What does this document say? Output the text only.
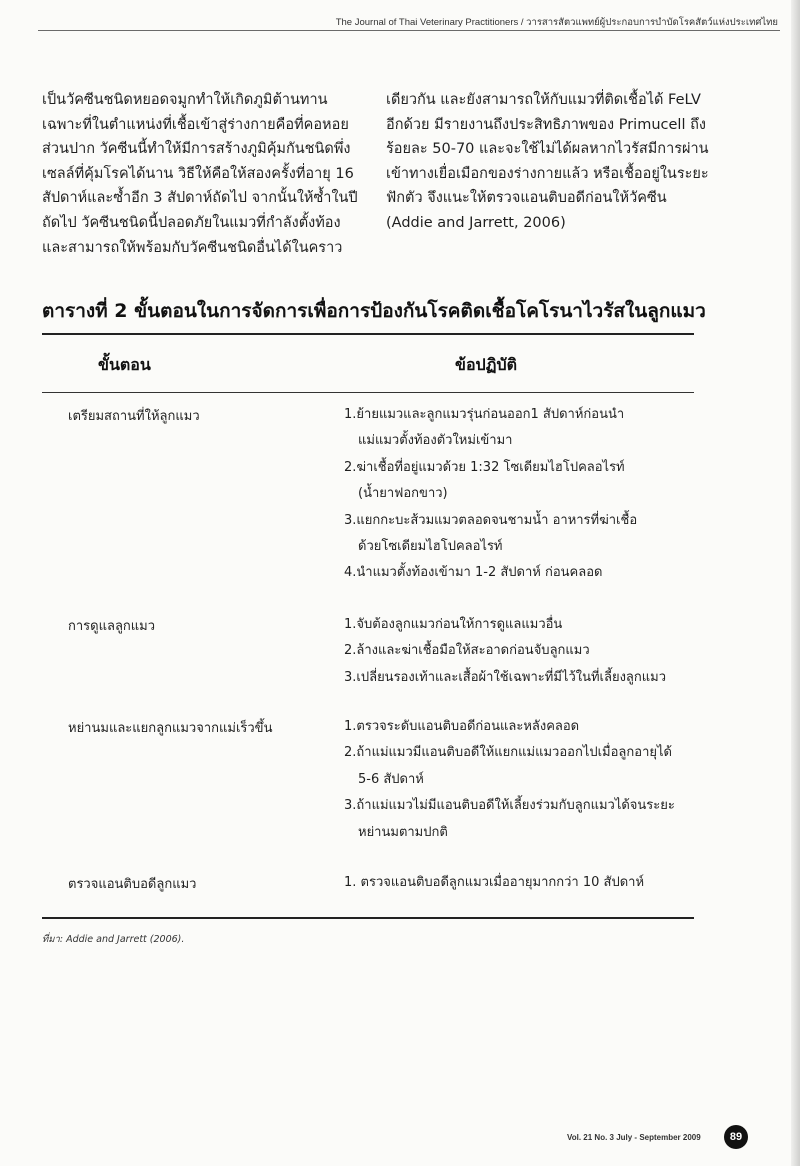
The Journal of Thai Veterinary Practitioners / วารสารสัตวแพทย์ผู้ประกอบการบำบัดโรคสัตว์แห่งประเทศไทย

เป็นวัคซีนชนิดหยอดจมูกทำให้เกิดภูมิต้านทาน

เฉพาะที่ในตำแหน่งที่เชื้อเข้าสู่ร่างกายคือที่คอหอย

ส่วนปาก วัคซีนนี้ทำให้มีการสร้างภูมิคุ้มกันชนิดพึ่ง

เซลล์ที่คุ้มโรคได้นาน วิธีให้คือให้สองครั้งที่อายุ 16

สัปดาห์และซ้ำอีก 3 สัปดาห์ถัดไป จากนั้นให้ซ้ำในปี

ถัดไป วัคซีนชนิดนี้ปลอดภัยในแมวที่กำลังตั้งท้อง

และสามารถให้พร้อมกับวัคซีนชนิดอื่นได้ในคราว

เดียวกัน และยังสามารถให้กับแมวที่ติดเชื้อได้ FeLV

อีกด้วย มีรายงานถึงประสิทธิภาพของ Primucell ถึง

ร้อยละ 50-70 และจะใช้ไม่ได้ผลหากไวรัสมีการผ่าน

เข้าทางเยื่อเมือกของร่างกายแล้ว หรือเชื้ออยู่ในระยะ

ฟักตัว จึงแนะให้ตรวจแอนติบอดีก่อนให้วัคซีน

(Addie and Jarrett, 2006)

ตารางที่ 2 ขั้นตอนในการจัดการเพื่อการป้องกันโรคติดเชื้อโคโรนาไวรัสในลูกแมว
ขั้นตอน	ข้อปฏิบัติ
เตรียมสถานที่ให้ลูกแมว	1.ย้ายแมวและลูกแมวรุ่นก่อนออก1 สัปดาห์ก่อนนำ
แม่แมวตั้งท้องตัวใหม่เข้ามา
2.ฆ่าเชื้อที่อยู่แมวด้วย 1:32 โซเดียมไฮโปคลอไรท์
(น้ำยาฟอกขาว)
3.แยกกะบะส้วมแมวตลอดจนชามน้ำ อาหารที่ฆ่าเชื้อ
ด้วยโซเดียมไฮโปคลอไรท์
4.นำแมวตั้งท้องเข้ามา 1-2 สัปดาห์ ก่อนคลอด
การดูแลลูกแมว	1.จับต้องลูกแมวก่อนให้การดูแลแมวอื่น
2.ล้างและฆ่าเชื้อมือให้สะอาดก่อนจับลูกแมว
3.เปลี่ยนรองเท้าและเสื้อผ้าใช้เฉพาะที่มีไว้ในที่เลี้ยงลูกแมว
หย่านมและแยกลูกแมวจากแม่เร็วขึ้น	1.ตรวจระดับแอนติบอดีก่อนและหลังคลอด
2.ถ้าแม่แมวมีแอนติบอดีให้แยกแม่แมวออกไปเมื่อลูกอายุได้
5-6 สัปดาห์
3.ถ้าแม่แมวไม่มีแอนติบอดีให้เลี้ยงร่วมกับลูกแมวได้จนระยะ
หย่านมตามปกติ
ตรวจแอนติบอดีลูกแมว	1. ตรวจแอนติบอดีลูกแมวเมื่ออายุมากกว่า 10 สัปดาห์
ที่มา: Addie and Jarrett (2006).
Vol. 21 No. 3 July - September 2009	89
